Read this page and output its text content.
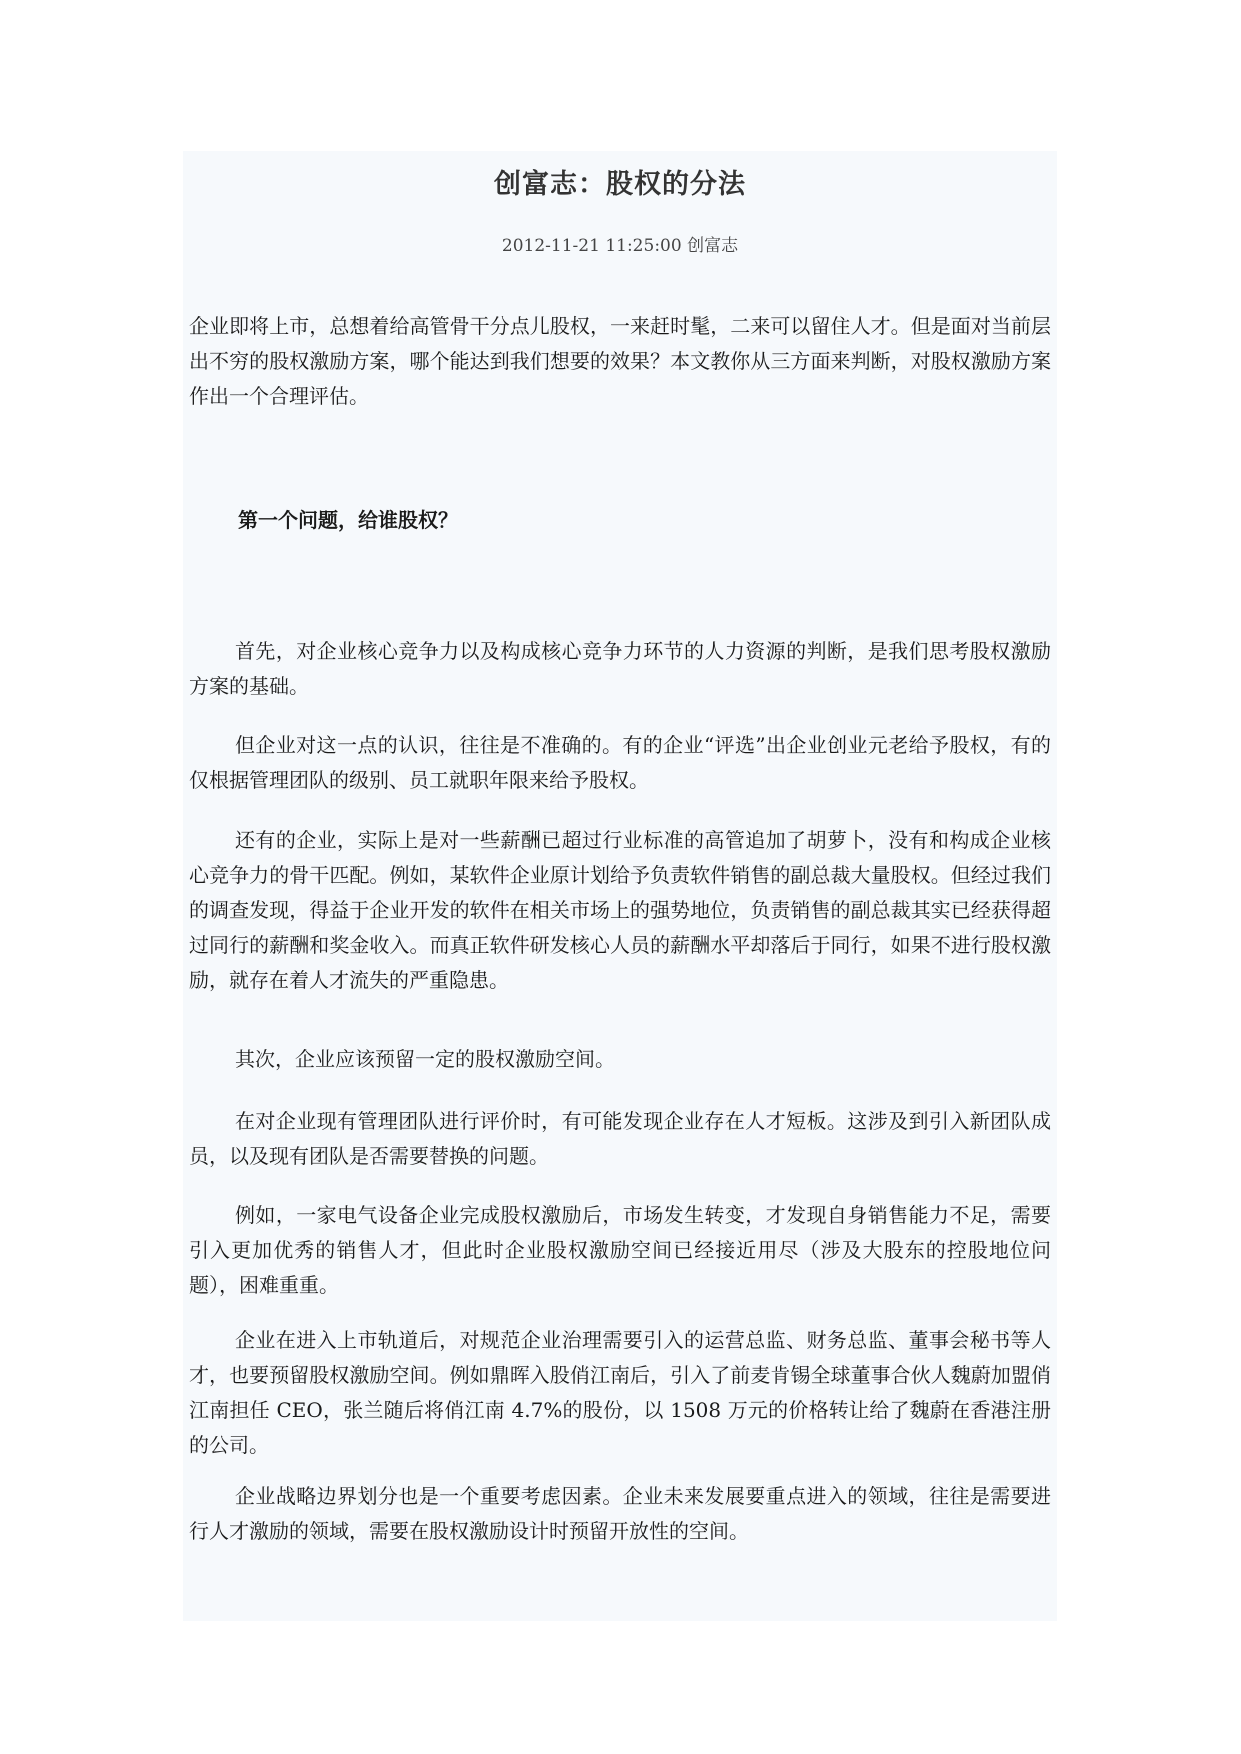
创富志：股权的分法
2012-11-21 11:25:00 创富志

企业即将上市，总想着给高管骨干分点儿股权，一来赶时髦，二来可以留住人才。但是面对当前层出不穷的股权激励方案，哪个能达到我们想要的效果？本文教你从三方面来判断，对股权激励方案作出一个合理评估。

第一个问题，给谁股权？

首先，对企业核心竞争力以及构成核心竞争力环节的人力资源的判断，是我们思考股权激励方案的基础。

但企业对这一点的认识，往往是不准确的。有的企业“评选”出企业创业元老给予股权，有的仅根据管理团队的级别、员工就职年限来给予股权。

还有的企业，实际上是对一些薪酬已超过行业标准的高管追加了胡萝卜，没有和构成企业核心竞争力的骨干匹配。例如，某软件企业原计划给予负责软件销售的副总裁大量股权。但经过我们的调查发现，得益于企业开发的软件在相关市场上的强势地位，负责销售的副总裁其实已经获得超过同行的薪酬和奖金收入。而真正软件研发核心人员的薪酬水平却落后于同行，如果不进行股权激励，就存在着人才流失的严重隐患。

其次，企业应该预留一定的股权激励空间。

在对企业现有管理团队进行评价时，有可能发现企业存在人才短板。这涉及到引入新团队成员，以及现有团队是否需要替换的问题。

例如，一家电气设备企业完成股权激励后，市场发生转变，才发现自身销售能力不足，需要引入更加优秀的销售人才，但此时企业股权激励空间已经接近用尽（涉及大股东的控股地位问题），困难重重。

企业在进入上市轨道后，对规范企业治理需要引入的运营总监、财务总监、董事会秘书等人才，也要预留股权激励空间。例如鼎晖入股俏江南后，引入了前麦肯锡全球董事合伙人魏蔚加盟俏江南担任 CEO，张兰随后将俏江南 4.7%的股份，以 1508 万元的价格转让给了魏蔚在香港注册的公司。

企业战略边界划分也是一个重要考虑因素。企业未来发展要重点进入的领域，往往是需要进行人才激励的领域，需要在股权激励设计时预留开放性的空间。
